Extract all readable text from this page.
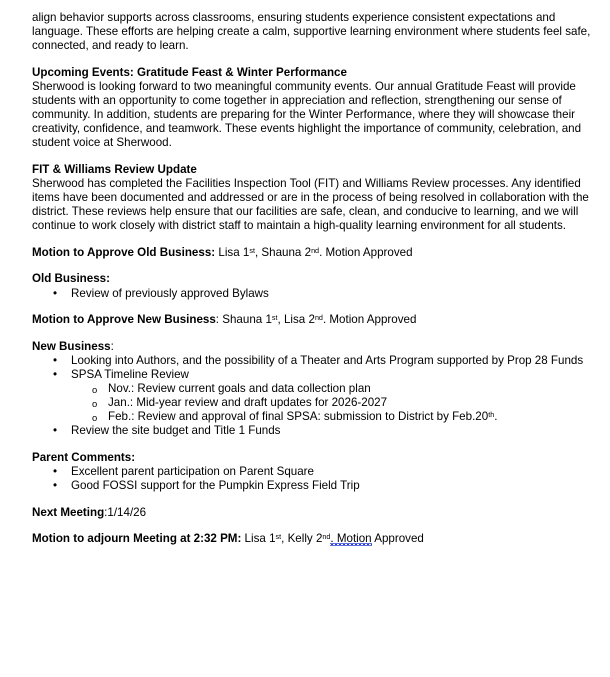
align behavior supports across classrooms, ensuring students experience consistent expectations and language. These efforts are helping create a calm, supportive learning environment where students feel safe, connected, and ready to learn.

Upcoming Events: Gratitude Feast & Winter Performance

Sherwood is looking forward to two meaningful community events. Our annual Gratitude Feast will provide students with an opportunity to come together in appreciation and reflection, strengthening our sense of community. In addition, students are preparing for the Winter Performance, where they will showcase their creativity, confidence, and teamwork. These events highlight the importance of community, celebration, and student voice at Sherwood.

FIT & Williams Review Update

Sherwood has completed the Facilities Inspection Tool (FIT) and Williams Review processes. Any identified items have been documented and addressed or are in the process of being resolved in collaboration with the district. These reviews help ensure that our facilities are safe, clean, and conducive to learning, and we will continue to work closely with district staff to maintain a high-quality learning environment for all students.

Motion to Approve Old Business: Lisa 1st, Shauna 2nd. Motion Approved

Old Business:
• Review of previously approved Bylaws

Motion to Approve New Business: Shauna 1st, Lisa 2nd. Motion Approved

New Business:
• Looking into Authors, and the possibility of a Theater and Arts Program supported by Prop 28 Funds
• SPSA Timeline Review
o Nov.: Review current goals and data collection plan
o Jan.: Mid-year review and draft updates for 2026-2027
o Feb.: Review and approval of final SPSA: submission to District by Feb.20th.
• Review the site budget and Title 1 Funds
Parent Comments:
• Excellent parent participation on Parent Square
• Good FOSSI support for the Pumpkin Express Field Trip

Next Meeting:1/14/26

Motion to adjourn Meeting at 2:32 PM: Lisa 1st, Kelly 2nd. Motion Approved
